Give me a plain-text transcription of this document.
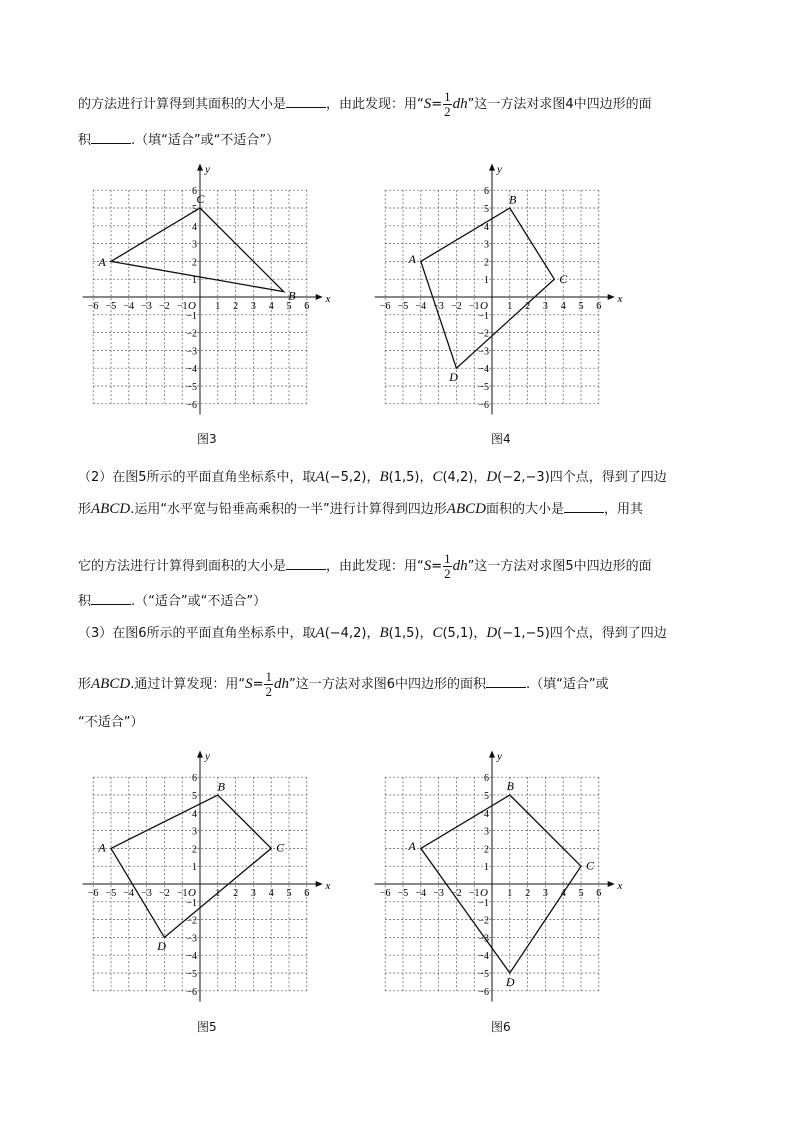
的方法进行计算得到其面积的大小是	，由此发现：用“$S= \frac{1}{2}$ dh”这一方法对求图4中四边形的面
积	.（填“适合”或“不适合”）
x
y
O
−6 −5 −4 −3 −2 −1	1 2 3 4 5 6
6
5
4
3
2
1
−1
−2
−3
−4
−5
−6
A
C
B
图3
x
y
O
−6 −5 −4 −3 −2 −1	1 2 3 4 5 6
6
5
4
3
2
1
−1
−2
−3
−4
−5
−6
A
B
C
D
图4
（2）在图5所示的平面直角坐标系中，取A(−5,2)，B(1,5)，C(4,2)，D(−2,−3)四个点，得到了四边
形ABCD.运用“水平宽与铅垂高乘积的一半”进行计算得到四边形ABCD面积的大小是	，用其
它的方法进行计算得到面积的大小是	，由此发现：用“$S= \frac{1}{2}$ dh”这一方法对求图5中四边形的面
积	.（“适合”或“不适合”）
（3）在图6所示的平面直角坐标系中，取A(−4,2)，B(1,5)，C(5,1)，D(−1,−5)四个点，得到了四边
形ABCD.通过计算发现：用“$S= \frac{1}{2}$ dh”这一方法对求图6中四边形的面积	.（填“适合”或
“不适合”）
x
y
O
−6 −5 −4 −3 −2 −1	1 2 3 4 5 6
6
5
4
3
2
1
−1
−2
−3
−4
−5
−6
A
B
C
D
图5
x
y
O
−6 −5 −4 −3 −2 −1	1 2 3 4 5 6
6
5
4
3
2
1
−1
−2
−3
−4
−5
−6
A
B
C
D
图6
